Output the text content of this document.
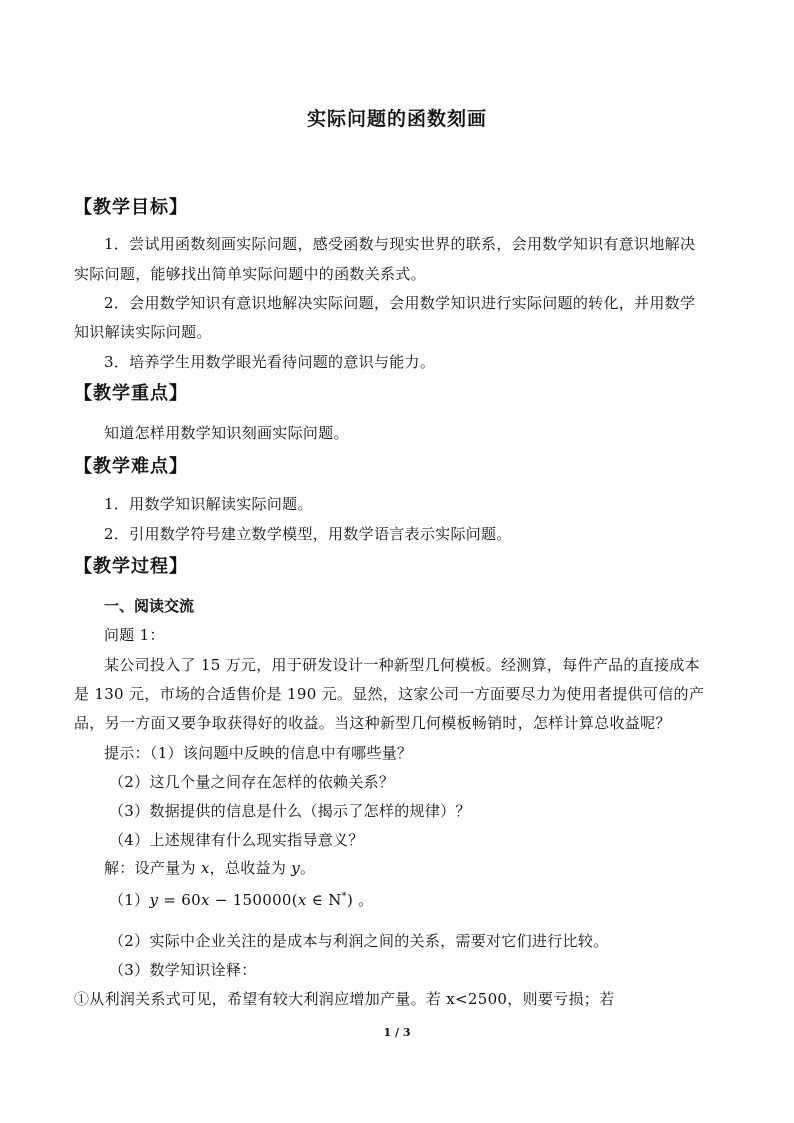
实际问题的函数刻画
【教学目标】
1．尝试用函数刻画实际问题，感受函数与现实世界的联系，会用数学知识有意识地解决
实际问题，能够找出简单实际问题中的函数关系式。
2．会用数学知识有意识地解决实际问题，会用数学知识进行实际问题的转化，并用数学
知识解读实际问题。
3．培养学生用数学眼光看待问题的意识与能力。
【教学重点】
知道怎样用数学知识刻画实际问题。
【教学难点】
1．用数学知识解读实际问题。
2．引用数学符号建立数学模型，用数学语言表示实际问题。
【教学过程】
一、阅读交流
问题 1：
某公司投入了 15 万元，用于研发设计一种新型几何模板。经测算，每件产品的直接成本
是 130 元，市场的合适售价是 190 元。显然，这家公司一方面要尽力为使用者提供可信的产
品，另一方面又要争取获得好的收益。当这种新型几何模板畅销时，怎样计算总收益呢？
提示：（1）该问题中反映的信息中有哪些量？
（2）这几个量之间存在怎样的依赖关系？
（3）数据提供的信息是什么（揭示了怎样的规律）？
（4）上述规律有什么现实指导意义？
解：设产量为 x，总收益为 y。
（1）y = 60x − 150000(x ∈ N*) 。
（2）实际中企业关注的是成本与利润之间的关系，需要对它们进行比较。
（3）数学知识诠释：
①从利润关系式可见，希望有较大利润应增加产量。若 x<2500，则要亏损；若
1 / 3
